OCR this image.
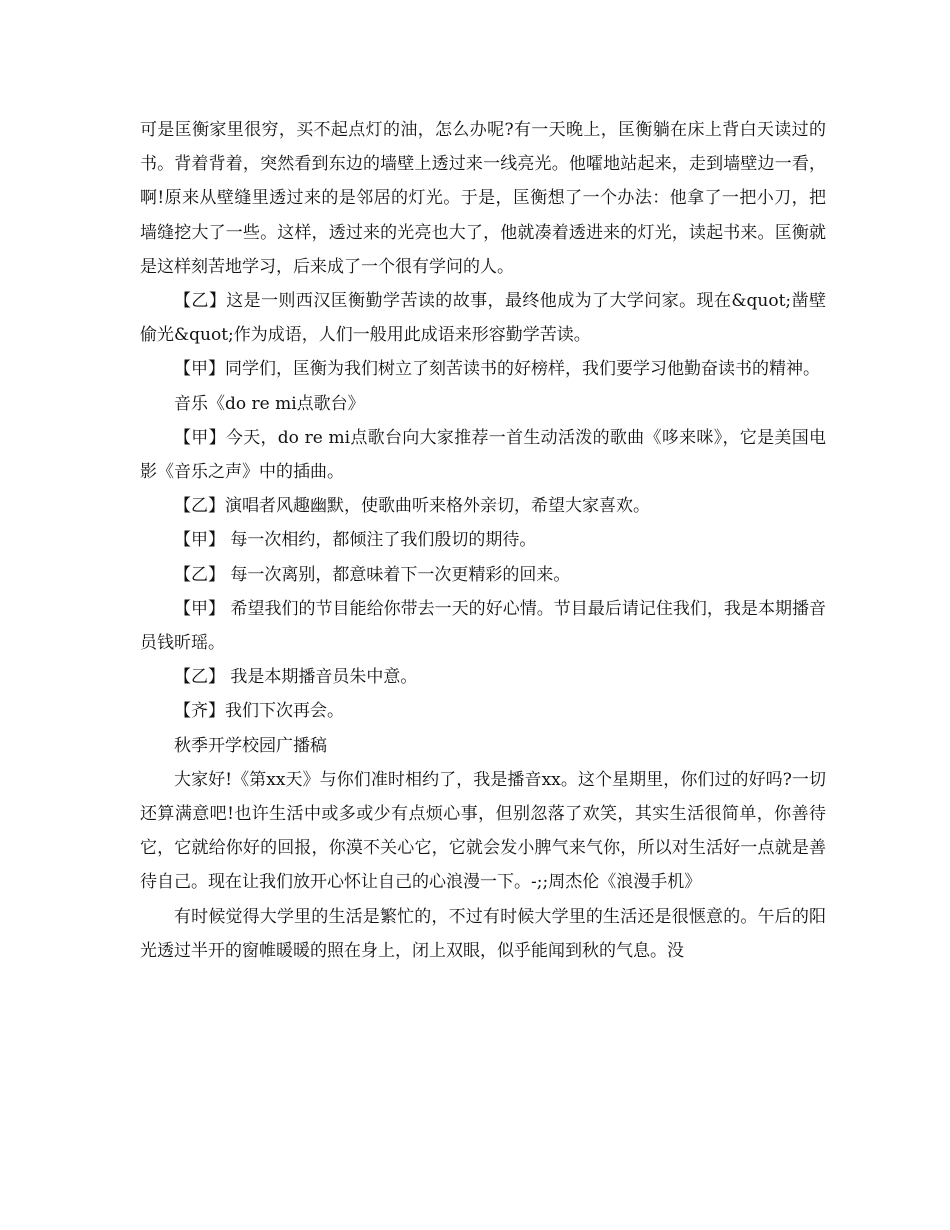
可是匡衡家里很穷，买不起点灯的油，怎么办呢?有一天晚上，匡衡躺在床上背白天读过的书。背着背着，突然看到东边的墙壁上透过来一线亮光。他嚯地站起来，走到墙壁边一看，啊!原来从壁缝里透过来的是邻居的灯光。于是，匡衡想了一个办法：他拿了一把小刀，把墙缝挖大了一些。这样，透过来的光亮也大了，他就凑着透进来的灯光，读起书来。匡衡就是这样刻苦地学习，后来成了一个很有学问的人。

【乙】这是一则西汉匡衡勤学苦读的故事，最终他成为了大学问家。现在&quot;凿壁偷光&quot;作为成语，人们一般用此成语来形容勤学苦读。

【甲】同学们，匡衡为我们树立了刻苦读书的好榜样，我们要学习他勤奋读书的精神。

音乐《do re mi点歌台》

【甲】今天，do re mi点歌台向大家推荐一首生动活泼的歌曲《哆来咪》，它是美国电影《音乐之声》中的插曲。

【乙】演唱者风趣幽默，使歌曲听来格外亲切，希望大家喜欢。

【甲】 每一次相约，都倾注了我们殷切的期待。

【乙】 每一次离别，都意味着下一次更精彩的回来。

【甲】 希望我们的节目能给你带去一天的好心情。节目最后请记住我们，我是本期播音员钱昕瑶。

【乙】 我是本期播音员朱中意。

【齐】我们下次再会。

秋季开学校园广播稿

大家好!《第xx天》与你们准时相约了，我是播音xx。这个星期里，你们过的好吗?一切还算满意吧!也许生活中或多或少有点烦心事，但别忽落了欢笑，其实生活很简单，你善待它，它就给你好的回报，你漠不关心它，它就会发小脾气来气你，所以对生活好一点就是善待自己。现在让我们放开心怀让自己的心浪漫一下。-;;周杰伦《浪漫手机》

有时候觉得大学里的生活是繁忙的，不过有时候大学里的生活还是很惬意的。午后的阳光透过半开的窗帷暖暖的照在身上，闭上双眼，似乎能闻到秋的气息。没
